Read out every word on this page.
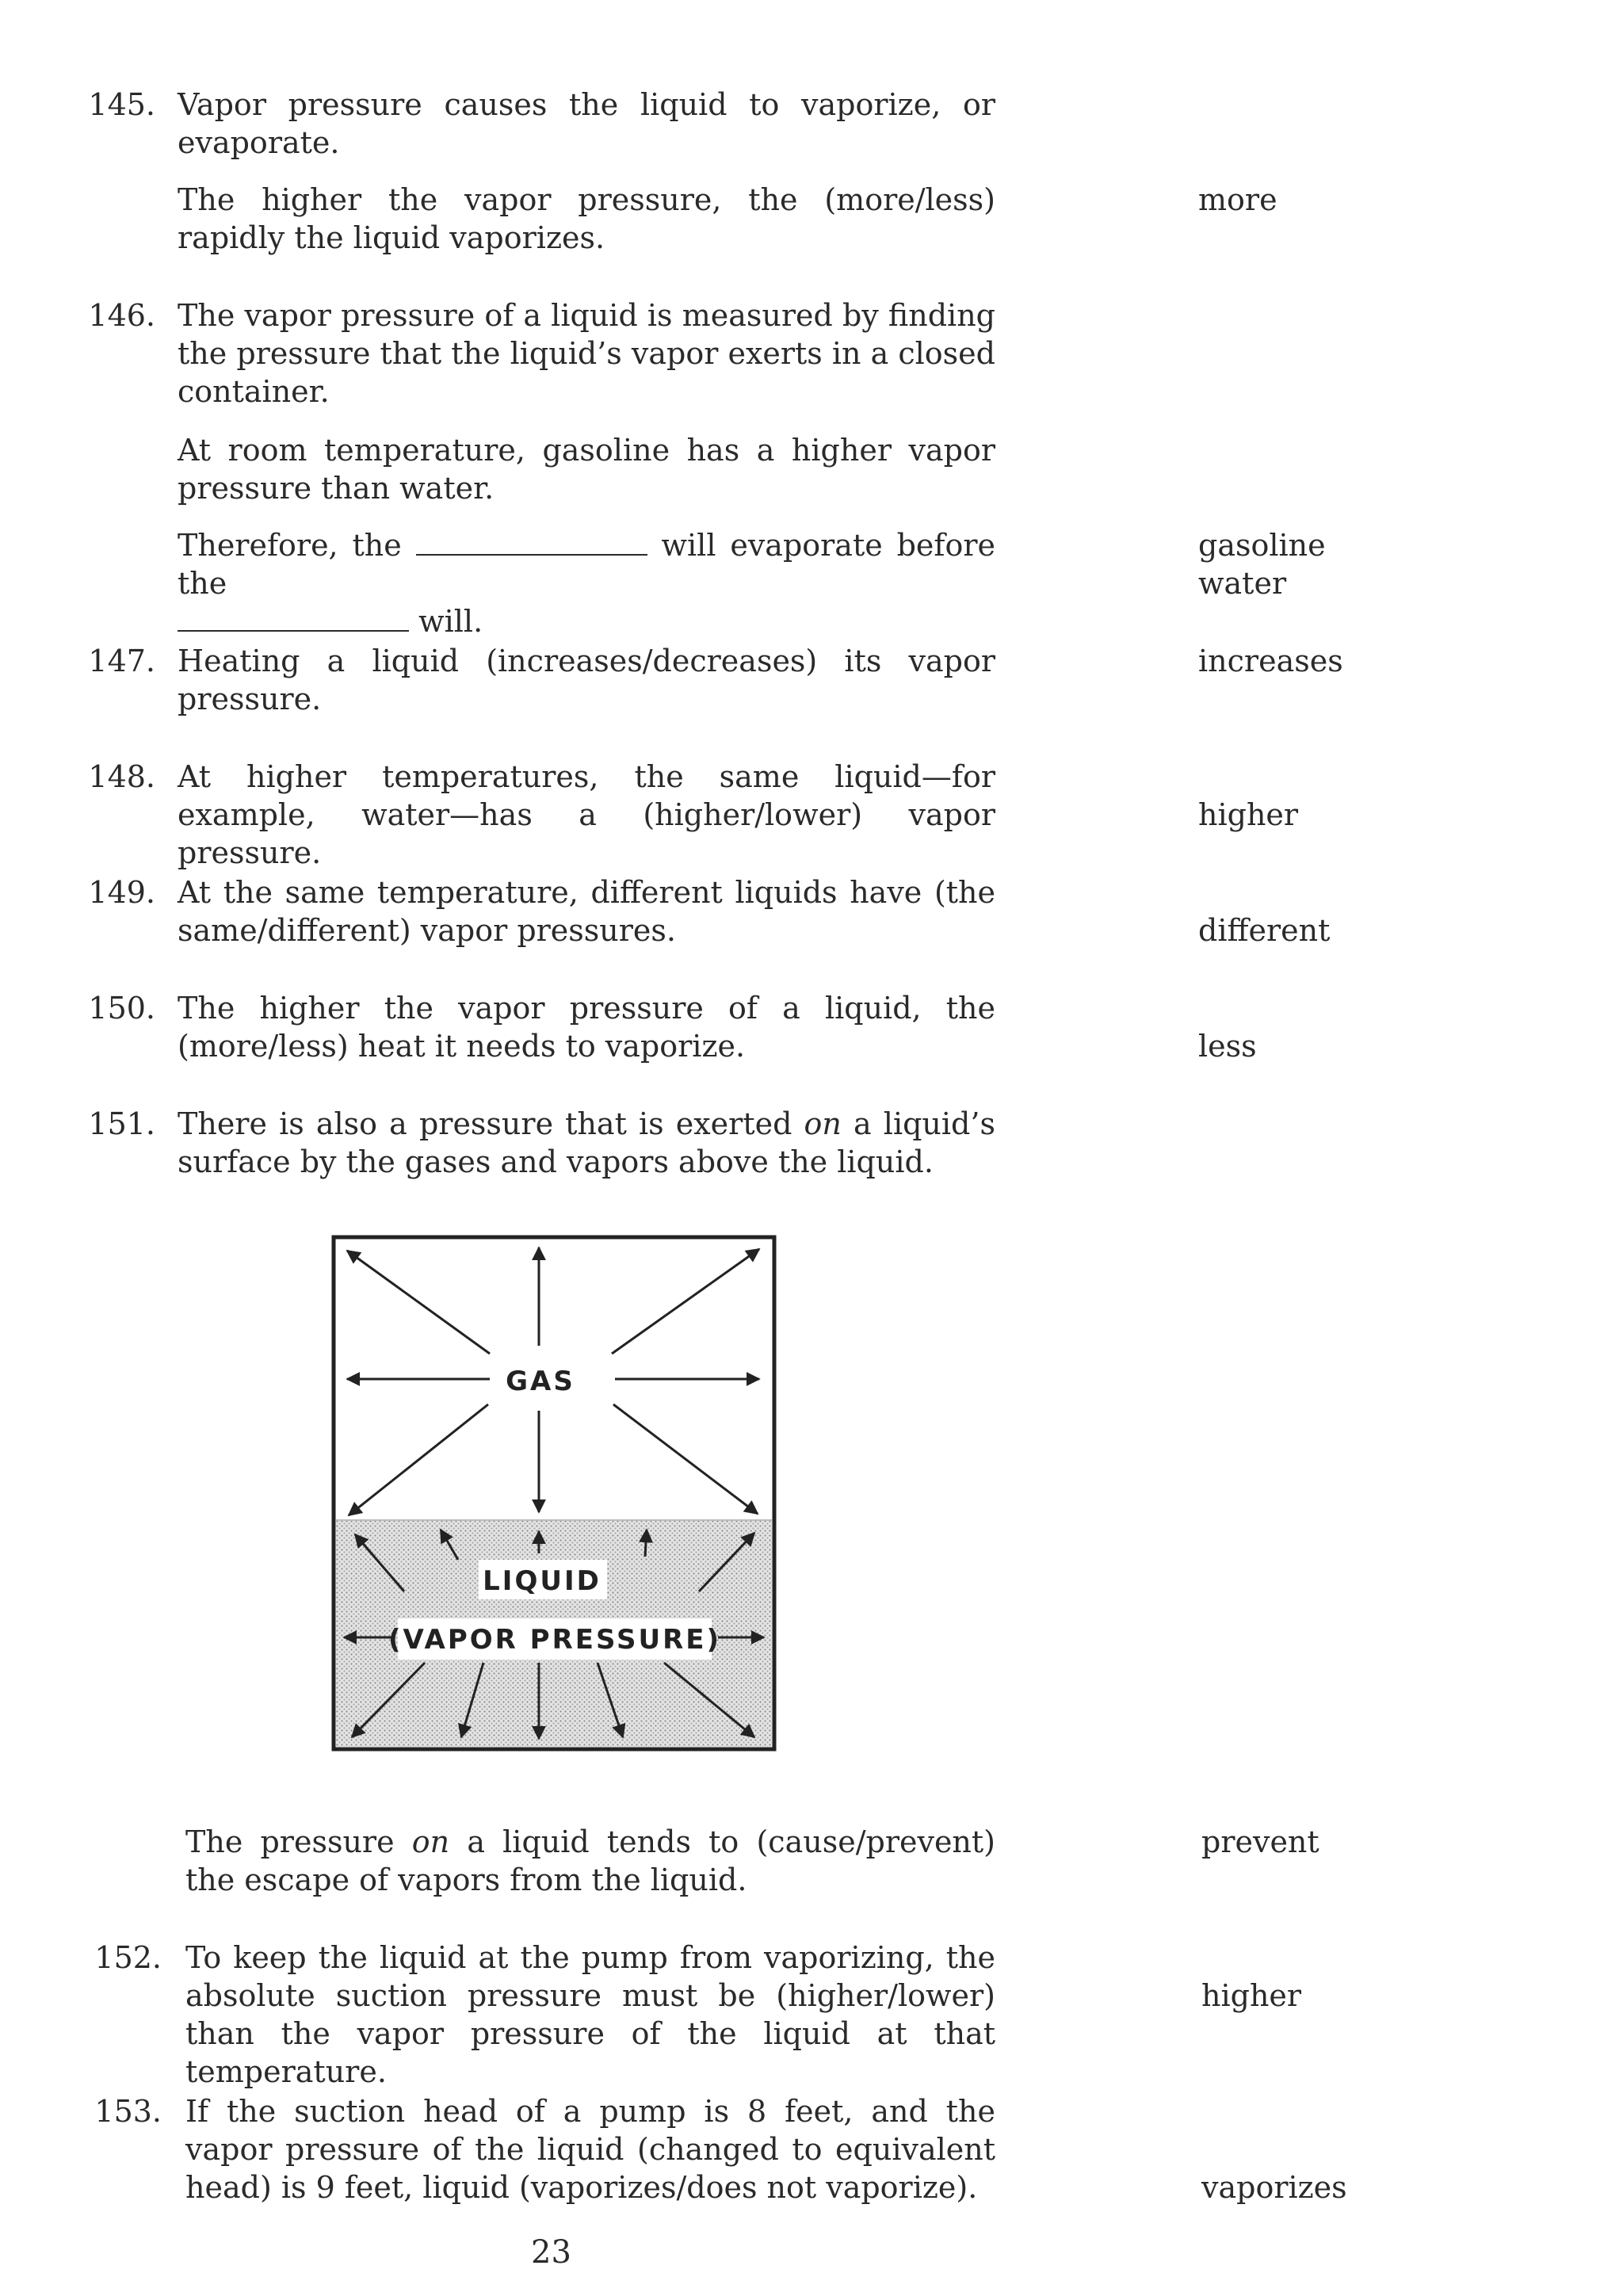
145. Vapor pressure causes the liquid to vaporize, or evaporate.

The higher the vapor pressure, the (more/less) rapidly the liquid vaporizes.

more
146. The vapor pressure of a liquid is measured by finding the pressure that the liquid’s vapor exerts in a closed container.

At room temperature, gasoline has a higher vapor pressure than water.

Therefore, the	will evaporate before the
will.

gasoline
water
147. Heating a liquid (increases/decreases) its vapor pressure.

increases
148. At higher temperatures, the same liquid—for example, water—has a (higher/lower) vapor pressure.

higher
149. At the same temperature, different liquids have (the same/different) vapor pressures.	different
150. The higher the vapor pressure of a liquid, the (more/less) heat it needs to vaporize.	less
151. There is also a pressure that is exerted on a liquid’s surface by the gases and vapors above the liquid.

GAS
LIQUID
(VAPOR PRESSURE)

The pressure on a liquid tends to (cause/prevent) the escape of vapors from the liquid.

prevent
152. To keep the liquid at the pump from vaporizing, the absolute suction pressure must be (higher/lower) than the vapor pressure of the liquid at that temperature.

higher
153. If the suction head of a pump is 8 feet, and the vapor pressure of the liquid (changed to equivalent head) is 9 feet, liquid (vaporizes/does not vaporize).	vaporizes
23
